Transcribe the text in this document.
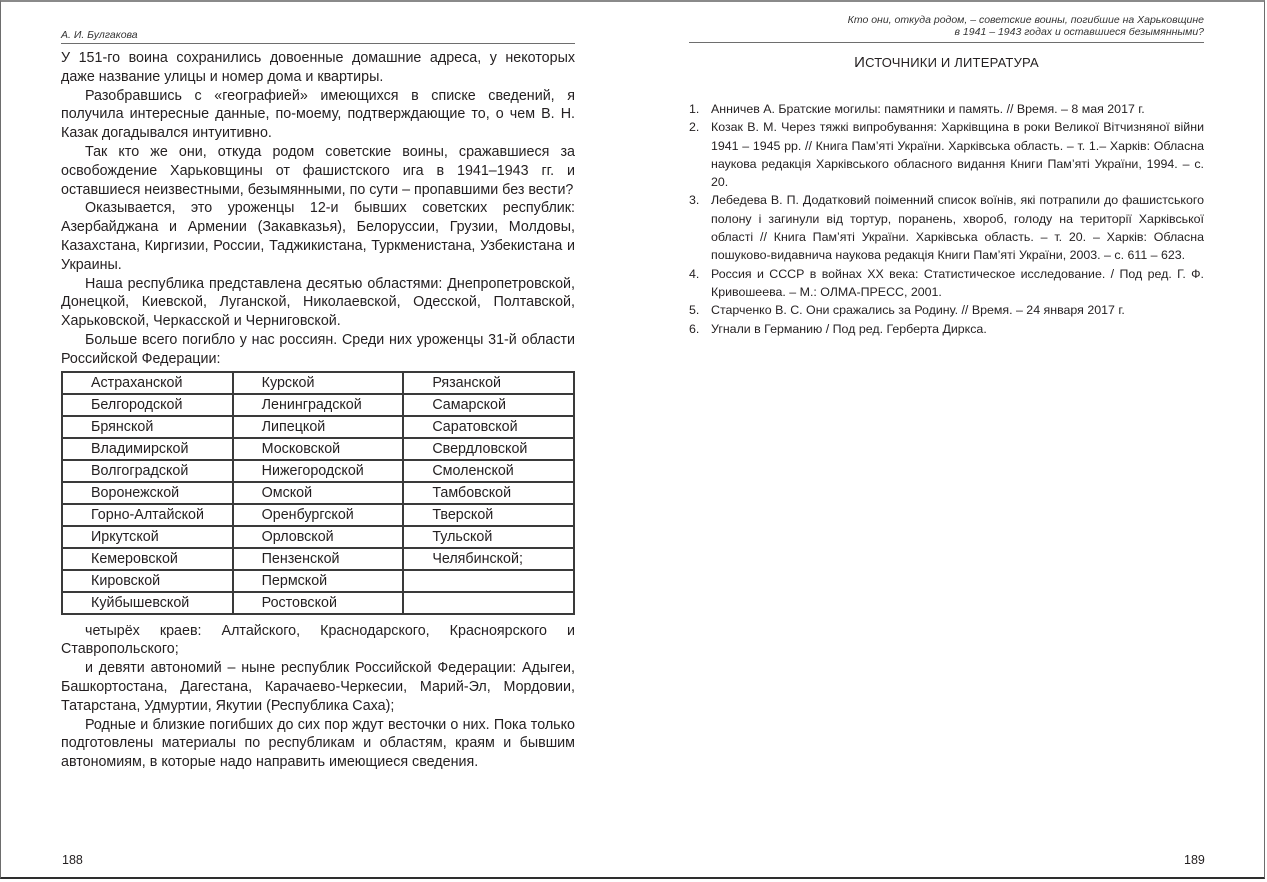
А. И. Булгакова

У 151-го воина сохранились довоенные домашние адреса, у некоторых даже название улицы и номер дома и квартиры.

Разобравшись с «географией» имеющихся в списке сведений, я получила интересные данные, по-моему, подтверждающие то, о чем В. Н. Казак догадывался интуитивно.

Так кто же они, откуда родом советские воины, сражавшиеся за освобождение Харьковщины от фашистского ига в 1941–1943 гг. и оставшиеся неизвестными, безымянными, по сути – пропавшими без вести?

Оказывается, это уроженцы 12-и бывших советских республик: Азербайджана и Армении (Закавказья), Белоруссии, Грузии, Молдовы, Казахстана, Киргизии, России, Таджикистана, Туркменистана, Узбекистана и Украины.

Наша республика представлена десятью областями: Днепропетровской, Донецкой, Киевской, Луганской, Николаевской, Одесской, Полтавской, Харьковской, Черкасской и Черниговской.

Больше всего погибло у нас россиян. Среди них уроженцы 31-й области Российской Федерации:

Астраханской	Курской	Рязанской
Белгородской	Ленинградской	Самарской
Брянской	Липецкой	Саратовской
Владимирской	Московской	Свердловской
Волгоградской	Нижегородской	Смоленской
Воронежской	Омской	Тамбовской
Горно-Алтайской	Оренбургской	Тверской
Иркутской	Орловской	Тульской
Кемеровской	Пензенской	Челябинской;
Кировской	Пермской	
Куйбышевской	Ростовской	

четырёх краев: Алтайского, Краснодарского, Красноярского и Ставропольского;

и девяти автономий – ныне республик Российской Федерации: Адыгеи, Башкортостана, Дагестана, Карачаево-Черкесии, Марий-Эл, Мордовии, Татарстана, Удмуртии, Якутии (Республика Саха);

Родные и близкие погибших до сих пор ждут весточки о них. Пока только подготовлены материалы по республикам и областям, краям и бывшим автономиям, в которые надо направить имеющиеся сведения.

Кто они, откуда родом, – советские воины, погибшие на Харьковщине
в 1941 – 1943 годах и оставшиеся безымянными?
ИСТОЧНИКИ И ЛИТЕРАТУРА
1. Анничев А. Братские могилы: памятники и память. // Время. – 8 мая 2017 г.
2. Козак В. М. Через тяжкі випробування: Харківщина в роки Великої Вітчизняної війни 1941 – 1945 рр. // Книга Пам’яті України. Харківська область. – т. 1.– Харків: Обласна наукова редакція Харківського обласного видання Книги Пам’яті України, 1994. – с. 20.
3. Лебедева В. П. Додатковий поіменний список воїнів, які потрапили до фашистського полону і загинули від тортур, поранень, хвороб, голоду на території Харківської області // Книга Пам’яті України. Харківська область. – т. 20. – Харків: Обласна пошуково-видавнича наукова редакція Книги Пам’яті України, 2003. – с. 611 – 623.
4. Россия и СССР в войнах XX века: Статистическое исследование. / Под ред. Г. Ф. Кривошеева. – М.: ОЛМА-ПРЕСС, 2001.
5. Старченко В. С. Они сражались за Родину. // Время. – 24 января 2017 г.
6. Угнали в Германию / Под ред. Герберта Диркса.
188	189
